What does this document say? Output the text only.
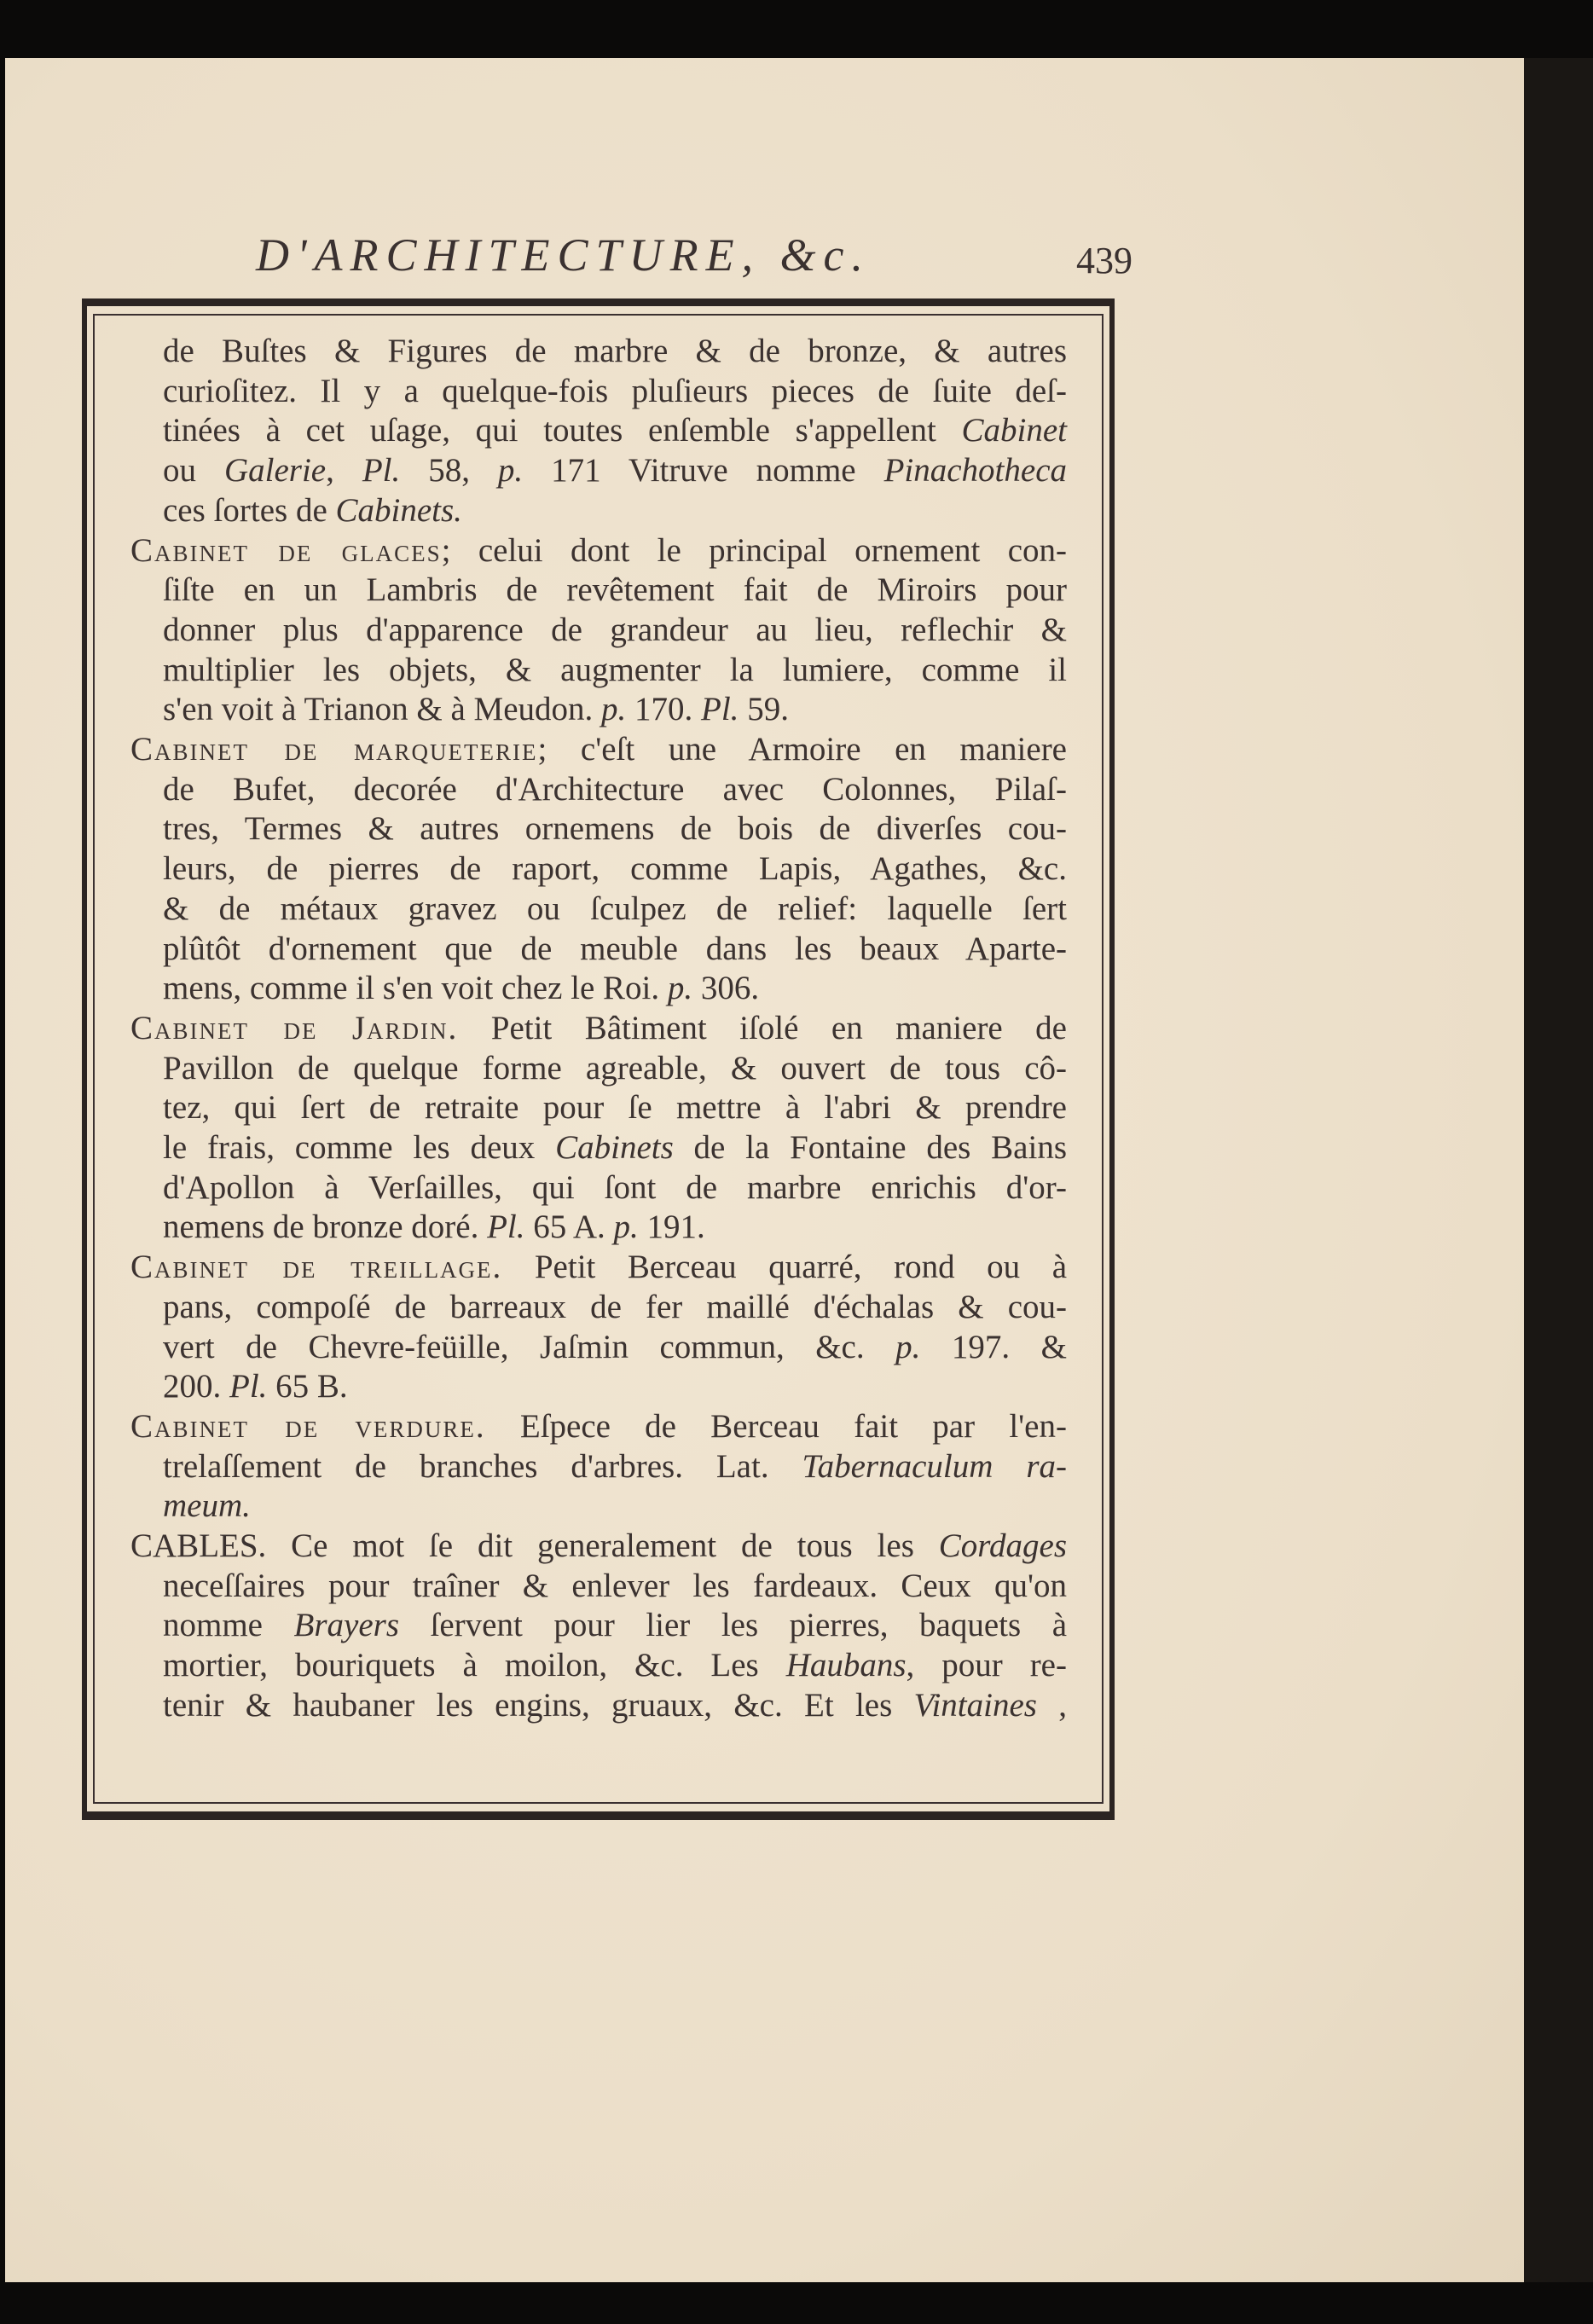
D'ARCHITECTURE, &c.	439
de Buſtes & Figures de marbre & de bronze, & autres
curioſitez. Il y a quelque-fois pluſieurs pieces de ſuite deſ-
tinées à cet uſage, qui toutes enſemble s'appellent Cabinet
ou Galerie, Pl. 58, p. 171 Vitruve nomme Pinachotheca
ces ſortes de Cabinets.
Cabinet de glaces; celui dont le principal ornement con-
ſiſte en un Lambris de revêtement fait de Miroirs pour
donner plus d'apparence de grandeur au lieu, reflechir &
multiplier les objets, & augmenter la lumiere, comme il
s'en voit à Trianon & à Meudon. p. 170. Pl. 59.
Cabinet de marqueterie; c'eſt une Armoire en maniere
de Bufet, decorée d'Architecture avec Colonnes, Pilaſ-
tres, Termes & autres ornemens de bois de diverſes cou-
leurs, de pierres de raport, comme Lapis, Agathes, &c.
& de métaux gravez ou ſculpez de relief: laquelle ſert
plûtôt d'ornement que de meuble dans les beaux Aparte-
mens, comme il s'en voit chez le Roi. p. 306.
Cabinet de Jardin. Petit Bâtiment iſolé en maniere de
Pavillon de quelque forme agreable, & ouvert de tous cô-
tez, qui ſert de retraite pour ſe mettre à l'abri & prendre
le frais, comme les deux Cabinets de la Fontaine des Bains
d'Apollon à Verſailles, qui ſont de marbre enrichis d'or-
nemens de bronze doré. Pl. 65 A. p. 191.
Cabinet de treillage. Petit Berceau quarré, rond ou à
pans, compoſé de barreaux de fer maillé d'échalas & cou-
vert de Chevre-feüille, Jaſmin commun, &c. p. 197. &
200. Pl. 65 B.
Cabinet de verdure. Eſpece de Berceau fait par l'en-
trelaſſement de branches d'arbres. Lat. Tabernaculum ra-
meum.
CABLES. Ce mot ſe dit generalement de tous les Cordages
neceſſaires pour traîner & enlever les fardeaux. Ceux qu'on
nomme Brayers ſervent pour lier les pierres, baquets à
mortier, bouriquets à moilon, &c. Les Haubans, pour re-
tenir & haubaner les engins, gruaux, &c. Et les Vintaines ,
